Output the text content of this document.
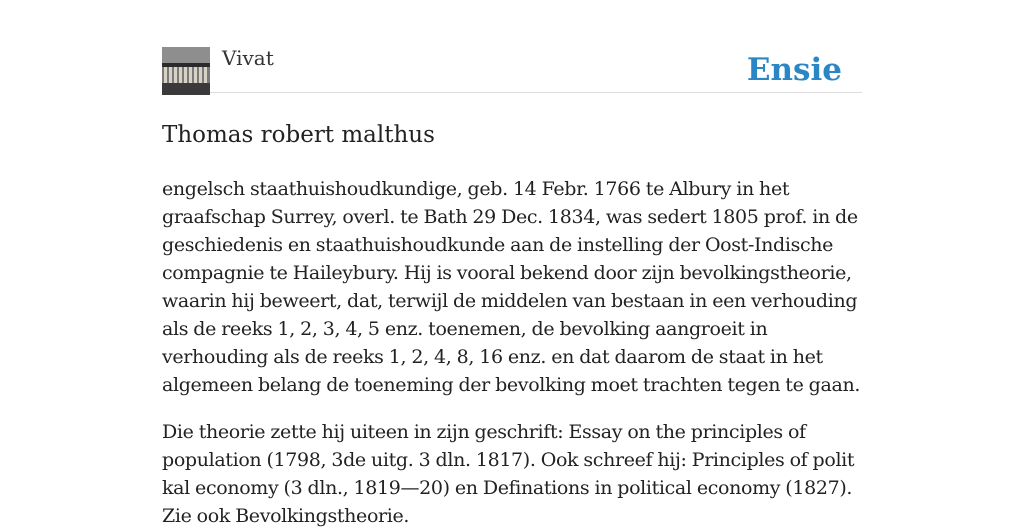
Vivat	Ensie
Thomas robert malthus

engelsch staathuishoudkundige, geb. 14 Febr. 1766 te Albury in het graafschap Surrey, overl. te Bath 29 Dec. 1834, was sedert 1805 prof. in de geschiedenis en staathuishoudkunde aan de instelling der Oost-Indische compagnie te Haileybury. Hij is vooral bekend door zijn bevolkingstheorie, waarin hij beweert, dat, terwijl de middelen van bestaan in een verhouding als de reeks 1, 2, 3, 4, 5 enz. toenemen, de bevolking aangroeit in verhouding als de reeks 1, 2, 4, 8, 16 enz. en dat daarom de staat in het algemeen belang de toeneming der bevolking moet trachten tegen te gaan.

Die theorie zette hij uiteen in zijn geschrift: Essay on the principles of population (1798, 3de uitg. 3 dln. 1817). Ook schreef hij: Principles of polit kal economy (3 dln., 1819—20) en Definations in political economy (1827). Zie ook Bevolkingstheorie.
